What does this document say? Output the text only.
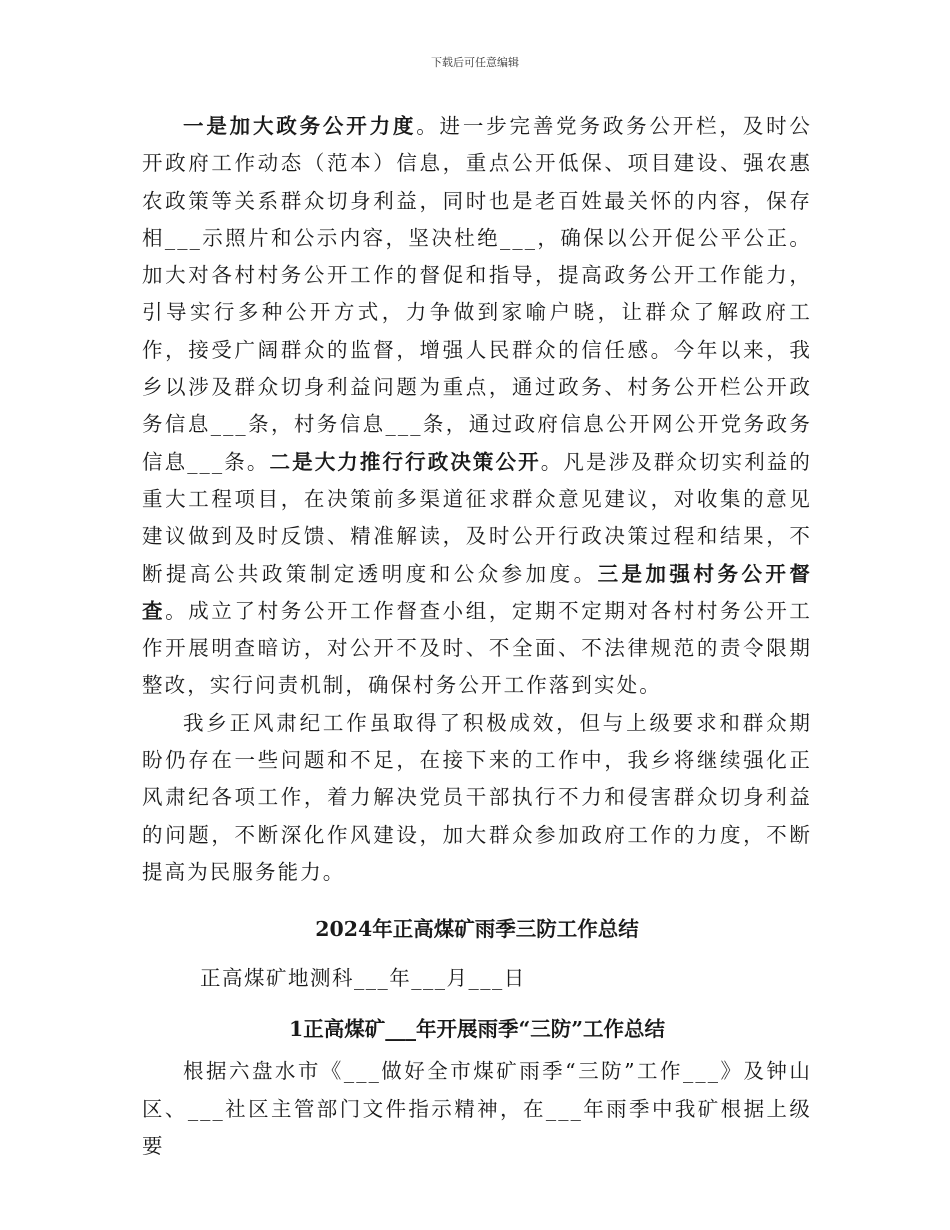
下载后可任意编辑

一是加大政务公开力度。进一步完善党务政务公开栏，及时公开政府工作动态（范本）信息，重点公开低保、项目建设、强农惠农政策等关系群众切身利益，同时也是老百姓最关怀的内容，保存相___示照片和公示内容，坚决杜绝___，确保以公开促公平公正。加大对各村村务公开工作的督促和指导，提高政务公开工作能力，引导实行多种公开方式，力争做到家喻户晓，让群众了解政府工作，接受广阔群众的监督，增强人民群众的信任感。今年以来，我乡以涉及群众切身利益问题为重点，通过政务、村务公开栏公开政务信息___条，村务信息___条，通过政府信息公开网公开党务政务信息___条。二是大力推行行政决策公开。凡是涉及群众切实利益的重大工程项目，在决策前多渠道征求群众意见建议，对收集的意见建议做到及时反馈、精准解读，及时公开行政决策过程和结果，不断提高公共政策制定透明度和公众参加度。三是加强村务公开督查。成立了村务公开工作督查小组，定期不定期对各村村务公开工作开展明查暗访，对公开不及时、不全面、不法律规范的责令限期整改，实行问责机制，确保村务公开工作落到实处。

我乡正风肃纪工作虽取得了积极成效，但与上级要求和群众期盼仍存在一些问题和不足，在接下来的工作中，我乡将继续强化正风肃纪各项工作，着力解决党员干部执行不力和侵害群众切身利益的问题，不断深化作风建设，加大群众参加政府工作的力度，不断提高为民服务能力。

2024年正高煤矿雨季三防工作总结
正高煤矿地测科___年___月___日
1正高煤矿___年开展雨季“三防”工作总结

根据六盘水市《___做好全市煤矿雨季“三防”工作___》及钟山区、___社区主管部门文件指示精神，在___年雨季中我矿根据上级要
